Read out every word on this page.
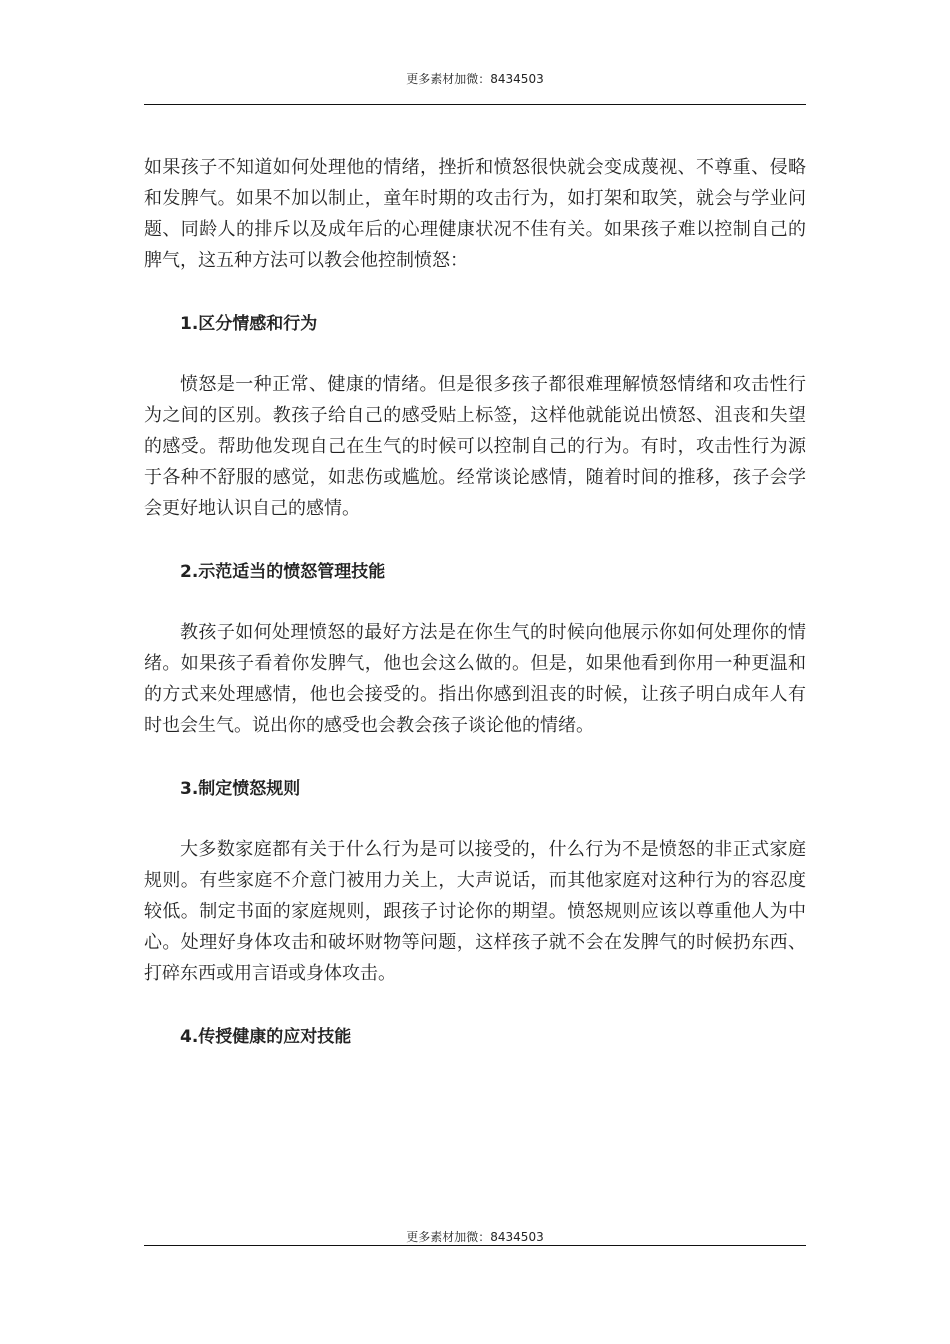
更多素材加微：8434503

如果孩子不知道如何处理他的情绪，挫折和愤怒很快就会变成蔑视、不尊重、侵略和发脾气。如果不加以制止，童年时期的攻击行为，如打架和取笑，就会与学业问题、同龄人的排斥以及成年后的心理健康状况不佳有关。如果孩子难以控制自己的脾气，这五种方法可以教会他控制愤怒：

1.区分情感和行为

愤怒是一种正常、健康的情绪。但是很多孩子都很难理解愤怒情绪和攻击性行为之间的区别。教孩子给自己的感受贴上标签，这样他就能说出愤怒、沮丧和失望的感受。帮助他发现自己在生气的时候可以控制自己的行为。有时，攻击性行为源于各种不舒服的感觉，如悲伤或尴尬。经常谈论感情，随着时间的推移，孩子会学会更好地认识自己的感情。

2.示范适当的愤怒管理技能

教孩子如何处理愤怒的最好方法是在你生气的时候向他展示你如何处理你的情绪。如果孩子看着你发脾气，他也会这么做的。但是，如果他看到你用一种更温和的方式来处理感情，他也会接受的。指出你感到沮丧的时候，让孩子明白成年人有时也会生气。说出你的感受也会教会孩子谈论他的情绪。

3.制定愤怒规则

大多数家庭都有关于什么行为是可以接受的，什么行为不是愤怒的非正式家庭规则。有些家庭不介意门被用力关上，大声说话，而其他家庭对这种行为的容忍度较低。制定书面的家庭规则，跟孩子讨论你的期望。愤怒规则应该以尊重他人为中心。处理好身体攻击和破坏财物等问题，这样孩子就不会在发脾气的时候扔东西、打碎东西或用言语或身体攻击。

4.传授健康的应对技能

更多素材加微：8434503
